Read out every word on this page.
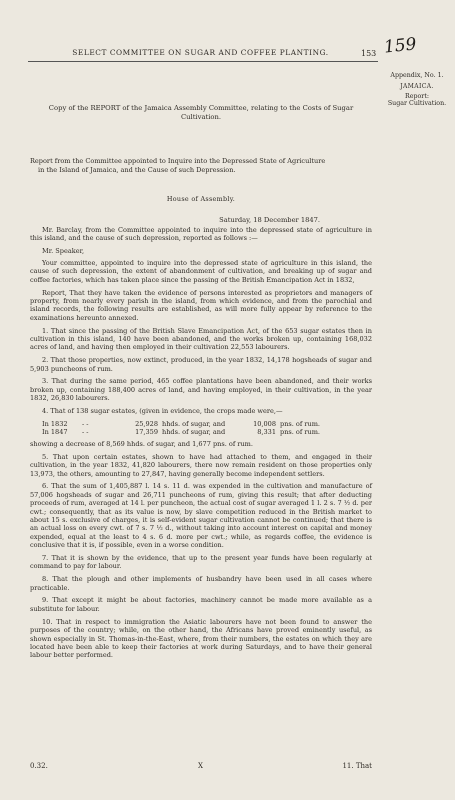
SELECT COMMITTEE ON SUGAR AND COFFEE PLANTING.	153 159
Appendix, No. 1.
JAMAICA.
Report:
Sugar Cultivation.
Copy of the REPORT of the Jamaica Assembly Committee, relating to the Costs of Sugar Cultivation.
Report from the Committee appointed to Inquire into the Depressed State of Agriculture
in the Island of Jamaica, and the Cause of such Depression.
House of Assembly.
Saturday, 18 December 1847.

Mr. Barclay, from the Committee appointed to inquire into the depressed state of agriculture in this island, and the cause of such depression, reported as follows :—

Mr. Speaker,

Your committee, appointed to inquire into the depressed state of agriculture in this island, the cause of such depression, the extent of abandonment of cultivation, and breaking up of sugar and coffee factories, which has taken place since the passing of the British Emancipation Act in 1832,

Report, That they have taken the evidence of persons interested as proprietors and managers of property, from nearly every parish in the island, from which evidence, and from the parochial and island records, the following results are established, as will more fully appear by reference to the examinations hereunto annexed.

1. That since the passing of the British Slave Emancipation Act, of the 653 sugar estates then in cultivation in this island, 140 have been abandoned, and the works broken up, containing 168,032 acres of land, and having then employed in their cultivation 22,553 labourers.

2. That those properties, now extinct, produced, in the year 1832, 14,178 hogsheads of sugar and 5,903 puncheons of rum.

3. That during the same period, 465 coffee plantations have been abandoned, and their works broken up, containing 188,400 acres of land, and having employed, in their cultivation, in the year 1832, 26,830 labourers.

4. That of 138 sugar estates, (given in evidence, the crops made were,—

In 1832	- -	25,928 hhds. of sugar, and	10,008 pns. of rum.
In 1847	- -	17,359 hhds. of sugar, and	8,331 pns. of rum.

showing a decrease of 8,569 hhds. of sugar, and 1,677 pns. of rum.

5. That upon certain estates, shown to have had attached to them, and engaged in their cultivation, in the year 1832, 41,820 labourers, there now remain resident on those properties only 13,973, the others, amounting to 27,847, having generally become independent settlers.

6. That the sum of 1,405,887 l. 14 s. 11 d. was expended in the cultivation and manufacture of 57,006 hogsheads of sugar and 26,711 puncheons of rum, giving this result; that after deducting proceeds of rum, averaged at 14 l. per puncheon, the actual cost of sugar averaged 1 l. 2 s. 7 ½ d. per cwt.; consequently, that as its value is now, by slave competition reduced in the British market to about 15 s. exclusive of charges, it is self-evident sugar cultivation cannot be continued; that there is an actual loss on every cwt. of 7 s. 7 ½ d., without taking into account interest on capital and money expended, equal at the least to 4 s. 6 d. more per cwt.; while, as regards coffee, the evidence is conclusive that it is, if possible, even in a worse condition.

7. That it is shown by the evidence, that up to the present year funds have been regularly at command to pay for labour.

8. That the plough and other implements of husbandry have been used in all cases where practicable.

9. That except it might be about factories, machinery cannot be made more available as a substitute for labour.

10. That in respect to immigration the Asiatic labourers have not been found to answer the purposes of the country; while, on the other hand, the Africans have proved eminently useful, as shown especially in St. Thomas-in-the-East, where, from their numbers, the estates on which they are located have been able to keep their factories at work during Saturdays, and to have their general labour better performed.

0.32.	X	11. That
